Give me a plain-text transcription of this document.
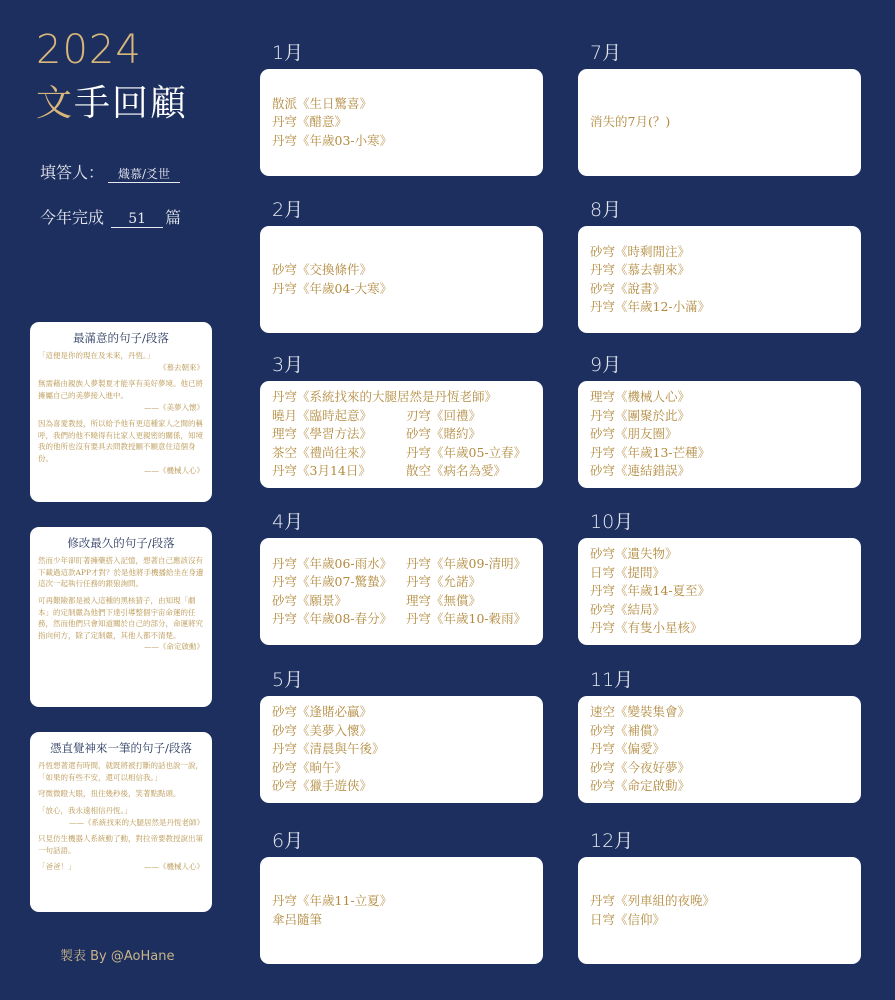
2024
文手回顧
填答人： 熾慕/爻世
今年完成 51 篇
最滿意的句子/段落

「這便是你的現在及未來，丹恆。」

《慕去朝來》

無需藉由親族人夢製夏才能享有美好夢境。他已將擁屬自己的美夢接入進中。

——《美夢入懷》

因為喜愛教授，所以給予他有更這種家人之間的稱呼，我們的他不曉得有比家人更親密的關係，知境我的他所也沒有要具去問教授願不願意住這個身份。

——《機械人心》

修改最久的句子/段落

然而少年卻盯著擁藥搭入記憶，想著自己應該沒有下載過這款APP才對？於是他將手機播給坐在身邊這次一起執行任務的銀狼詢問。

可再艱險都是被入這種的黑核猜子，由知現「劇本」的定制嚴為他們下達引導整個宇宙命運的任務，然而他們只會知道關於自己的部分，命運將究指向何方，除了定制嚴，其他人都不清楚。

——《命定啟動》

憑直覺神來一筆的句子/段落

丹恆想著還有時間，就既將被打斷的話也說一說，「如果的有些不安，還可以相信我。」

穹微微瞪大眼，扭住幾秒後，笑著點點頭。

「放心，我永遠相信丹恆。」

——《系統找來的大腿居然是丹恆老師》

只見仿生機器人系統動了動，對拉帝要教授說出第一句話語。

「爸爸！」	——《機械人心》

製表 By @AoHane
1月
散派《生日驚喜》
丹穹《醋意》
丹穹《年歲03-小寒》
2月
砂穹《交換條件》
丹穹《年歲04-大寒》
3月
丹穹《系統找來的大腿居然是丹恆老師》
曉月《臨時起意》	刃穹《回禮》
理穹《學習方法》	砂穹《賭約》
茶空《禮尚往來》	丹穹《年歲05-立春》
丹穹《3月14日》	散空《病名為愛》
4月
丹穹《年歲06-雨水》 丹穹《年歲09-清明》
丹穹《年歲07-驚蟄》 丹穹《允諾》
砂穹《願景》	理穹《無償》
丹穹《年歲08-春分》 丹穹《年歲10-穀雨》
5月
砂穹《逢賭必贏》
砂穹《美夢入懷》
丹穹《清晨與午後》
砂穹《晌午》
砂穹《獵手遊俠》
6月
丹穹《年歲11-立夏》
傘呂隨筆
7月
消失的7月(？)
8月
砂穹《時剩閒注》
丹穹《慕去朝來》
砂穹《說書》
丹穹《年歲12-小滿》
9月
理穹《機械人心》
丹穹《團聚於此》
砂穹《朋友圈》
丹穹《年歲13-芒種》
砂穹《連結錯誤》
10月
砂穹《遺失物》
日穹《提問》
丹穹《年歲14-夏至》
砂穹《結局》
丹穹《有隻小星核》
11月
速空《變裝集會》
砂穹《補償》
丹穹《偏愛》
砂穹《今夜好夢》
砂穹《命定啟動》
12月
丹穹《列車組的夜晚》
日穹《信仰》
